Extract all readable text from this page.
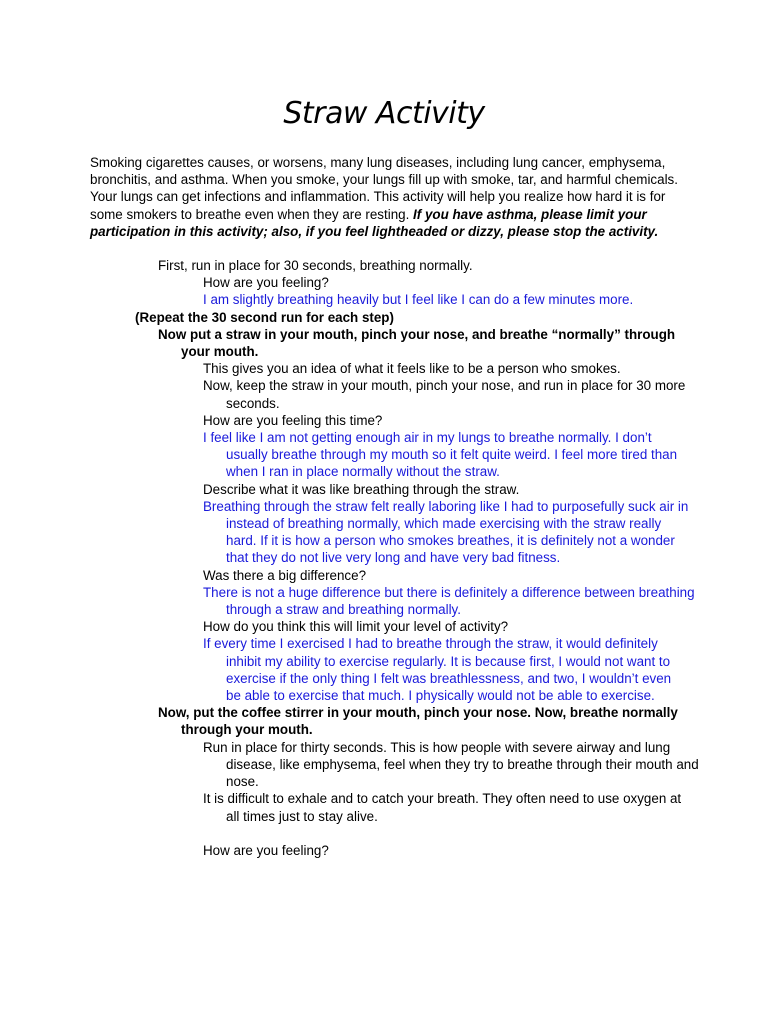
Straw Activity
Smoking cigarettes causes, or worsens, many lung diseases, including lung cancer, emphysema, bronchitis, and asthma. When you smoke, your lungs fill up with smoke, tar, and harmful chemicals. Your lungs can get infections and inflammation. This activity will help you realize how hard it is for some smokers to breathe even when they are resting. If you have asthma, please limit your participation in this activity; also, if you feel lightheaded or dizzy, please stop the activity.

First, run in place for 30 seconds, breathing normally.

How are you feeling?

I am slightly breathing heavily but I feel like I can do a few minutes more.

(Repeat the 30 second run for each step)

Now put a straw in your mouth, pinch your nose, and breathe “normally” through your mouth.

This gives you an idea of what it feels like to be a person who smokes.

Now, keep the straw in your mouth, pinch your nose, and run in place for 30 more seconds.

How are you feeling this time?

I feel like I am not getting enough air in my lungs to breathe normally. I don’t usually breathe through my mouth so it felt quite weird. I feel more tired than when I ran in place normally without the straw.

Describe what it was like breathing through the straw.

Breathing through the straw felt really laboring like I had to purposefully suck air in instead of breathing normally, which made exercising with the straw really hard. If it is how a person who smokes breathes, it is definitely not a wonder that they do not live very long and have very bad fitness.

Was there a big difference?

There is not a huge difference but there is definitely a difference between breathing through a straw and breathing normally.

How do you think this will limit your level of activity?

If every time I exercised I had to breathe through the straw, it would definitely inhibit my ability to exercise regularly. It is because first, I would not want to exercise if the only thing I felt was breathlessness, and two, I wouldn’t even be able to exercise that much. I physically would not be able to exercise.

Now, put the coffee stirrer in your mouth, pinch your nose. Now, breathe normally through your mouth.

Run in place for thirty seconds. This is how people with severe airway and lung disease, like emphysema, feel when they try to breathe through their mouth and nose.

It is difficult to exhale and to catch your breath. They often need to use oxygen at all times just to stay alive.

How are you feeling?
